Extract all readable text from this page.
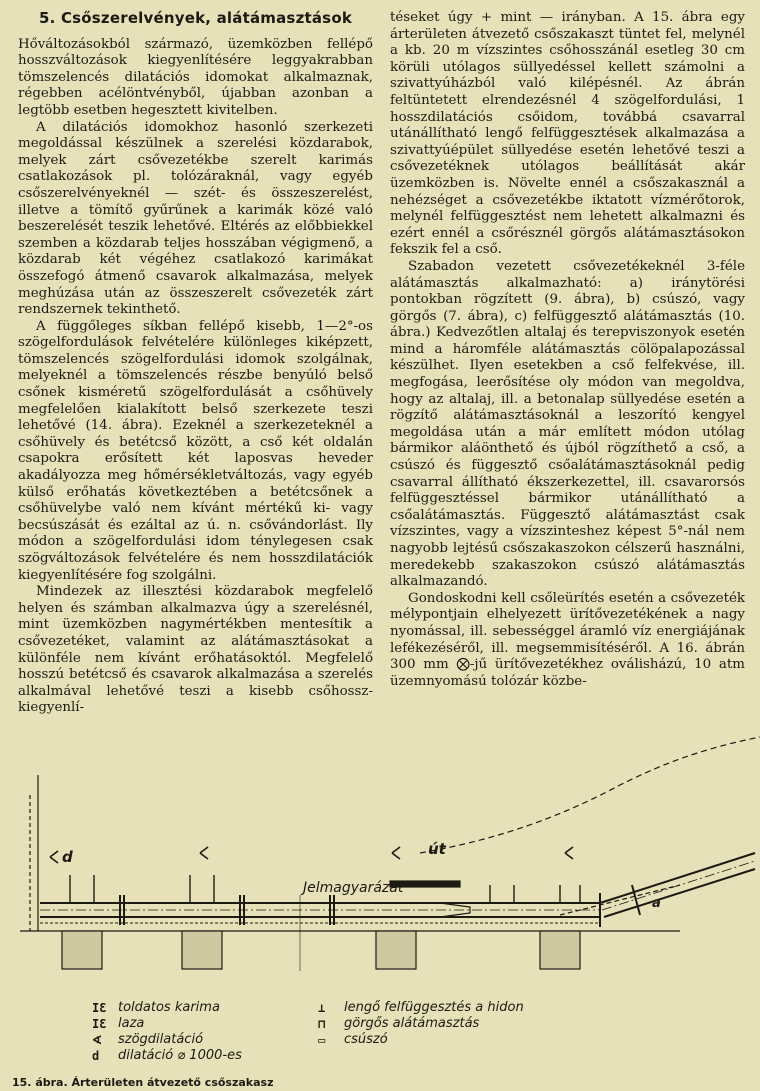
5. Csőszerelvények, alátámasztások

Hőváltozásokból származó, üzemközben fellépő hosszváltozások kiegyenlítésére leggyakrabban tömszelencés dilatációs idomokat alkalmaznak, régebben acélöntvényből, újabban azonban a legtöbb esetben hegesztett kivitelben.

A dilatációs idomokhoz hasonló szerkezeti megoldással készülnek a szerelési közdarabok, melyek zárt csővezetékbe szerelt karimás csatlakozások pl. tolózáraknál, vagy egyéb csőszerelvényeknél — szét- és összeszerelést, illetve a tömítő gyűrűnek a karimák közé való beszerelését teszik lehetővé. Eltérés az előbbiekkel szemben a közdarab teljes hosszában végigmenő, a közdarab két végéhez csatlakozó karimákat összefogó átmenő csavarok alkalmazása, melyek meghúzása után az összeszerelt csővezeték zárt rendszernek tekinthető.

A függőleges síkban fellépő kisebb, 1—2°-os szögelfordulások felvételére különleges kiképzett, tömszelencés szögelfordulási idomok szolgálnak, melyeknél a tömszelencés részbe benyúló belső csőnek kisméretű szögelfordulását a csőhüvely megfelelően kialakított belső szerkezete teszi lehetővé (14. ábra). Ezeknél a szerkezeteknél a csőhüvely és betétcső között, a cső két oldalán csapokra erősített két laposvas heveder akadályozza meg hőmérsékletváltozás, vagy egyéb külső erőhatás következtében a betétcsőnek a csőhüvelybe való nem kívánt mértékű ki- vagy becsúszását és ezáltal az ú. n. csővándorlást. Ily módon a szögelfordulási idom ténylegesen csak szögváltozások felvételére és nem hosszdilatációk kiegyenlítésére fog szolgálni.

Mindezek az illesztési közdarabok megfelelő helyen és számban alkalmazva úgy a szerelésnél, mint üzemközben nagymértékben mentesítik a csővezetéket, valamint az alátámasztásokat a különféle nem kívánt erőhatásoktól. Megfelelő hosszú betétcső és csavarok alkalmazása a szerelés alkalmával lehetővé teszi a kisebb csőhossz-kiegyenlí-

téseket úgy + mint — irányban. A 15. ábra egy árterületen átvezető csőszakaszt tüntet fel, melynél a kb. 20 m vízszintes csőhosszánál esetleg 30 cm körüli utólagos süllyedéssel kellett számolni a szivattyúházból való kilépésnél. Az ábrán feltüntetett elrendezésnél 4 szögelfordulási, 1 hosszdilatációs csőidom, továbbá csavarral utánállítható lengő felfüggesztések alkalmazása a szivattyúépület süllyedése esetén lehetővé teszi a csővezetéknek utólagos beállítását akár üzemközben is. Növelte ennél a csőszakasznál a nehézséget a csővezetékbe iktatott vízmérőtorok, melynél felfüggesztést nem lehetett alkalmazni és ezért ennél a csőrésznél görgős alátámasztásokon fekszik fel a cső.

Szabadon vezetett csővezetékeknél 3-féle alátámasztás alkalmazható: a) iránytörési pontokban rögzített (9. ábra), b) csúszó, vagy görgős (7. ábra), c) felfüggesztő alátámasztás (10. ábra.) Kedvezőtlen altalaj és terepviszonyok esetén mind a háromféle alátámasztás cölöpalapozással készülhet. Ilyen esetekben a cső felfekvése, ill. megfogása, leerősítése oly módon van megoldva, hogy az altalaj, ill. a betonalap süllyedése esetén a rögzítő alátámasztásoknál a leszorító kengyel megoldása után a már említett módon utólag bármikor aláönthető és újból rögzíthető a cső, a csúszó és függesztő csőalátámasztásoknál pedig csavarral állítható ékszerkezettel, ill. csavarorsós felfüggesztéssel bármikor utánállítható a csőalátámasztás. Függesztő alátámasztást csak vízszintes, vagy a vízszinteshez képest 5°-nál nem nagyobb lejtésű csőszakaszokon célszerű használni, meredekebb szakaszokon csúszó alátámasztás alkalmazandó.

Gondoskodni kell csőleürítés esetén a csővezeték mélypontjain elhelyezett ürítővezetékének a nagy nyomással, ill. sebességgel áramló víz energiájának lefékezéséről, ill. megsemmisítéséről. A 16. ábrán 300 mm ⨂-jű ürítővezetékhez oválisházú, 10 atm üzemnyomású tolózár közbe-

d	út
a
Jelmagyarázat
IƐ toldatos karima
IƐ laza
∢	szögdilatáció
d	dilatáció ⌀ 1000-es
⊥	lengő felfüggesztés a hidon
⊓	görgős alátámasztás
▭	csúszó
15. ábra. Árterületen átvezető csőszakasz
